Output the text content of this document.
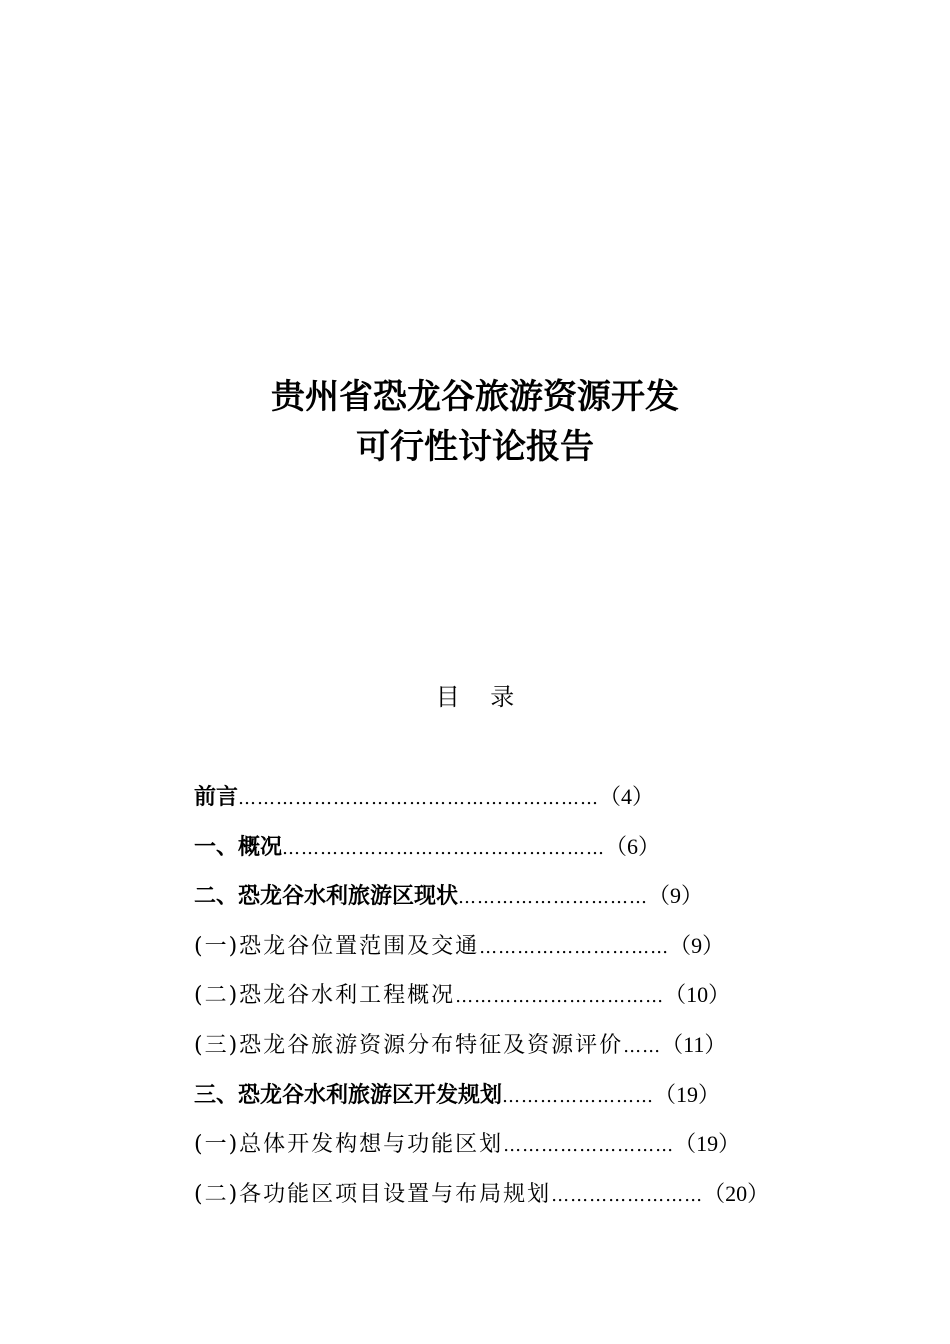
贵州省恐龙谷旅游资源开发
可行性讨论报告
目    录
前言…………………………………………………（4）
一、概况……………………………………………（6）
二、恐龙谷水利旅游区现状…………………………（9）
(一)恐龙谷位置范围及交通…………………………（9）
(二)恐龙谷水利工程概况……………………………（10）
(三)恐龙谷旅游资源分布特征及资源评价……（11）
三、恐龙谷水利旅游区开发规划……………………（19）
(一)总体开发构想与功能区划………………………（19）
(二)各功能区项目设置与布局规划……………………（20）
